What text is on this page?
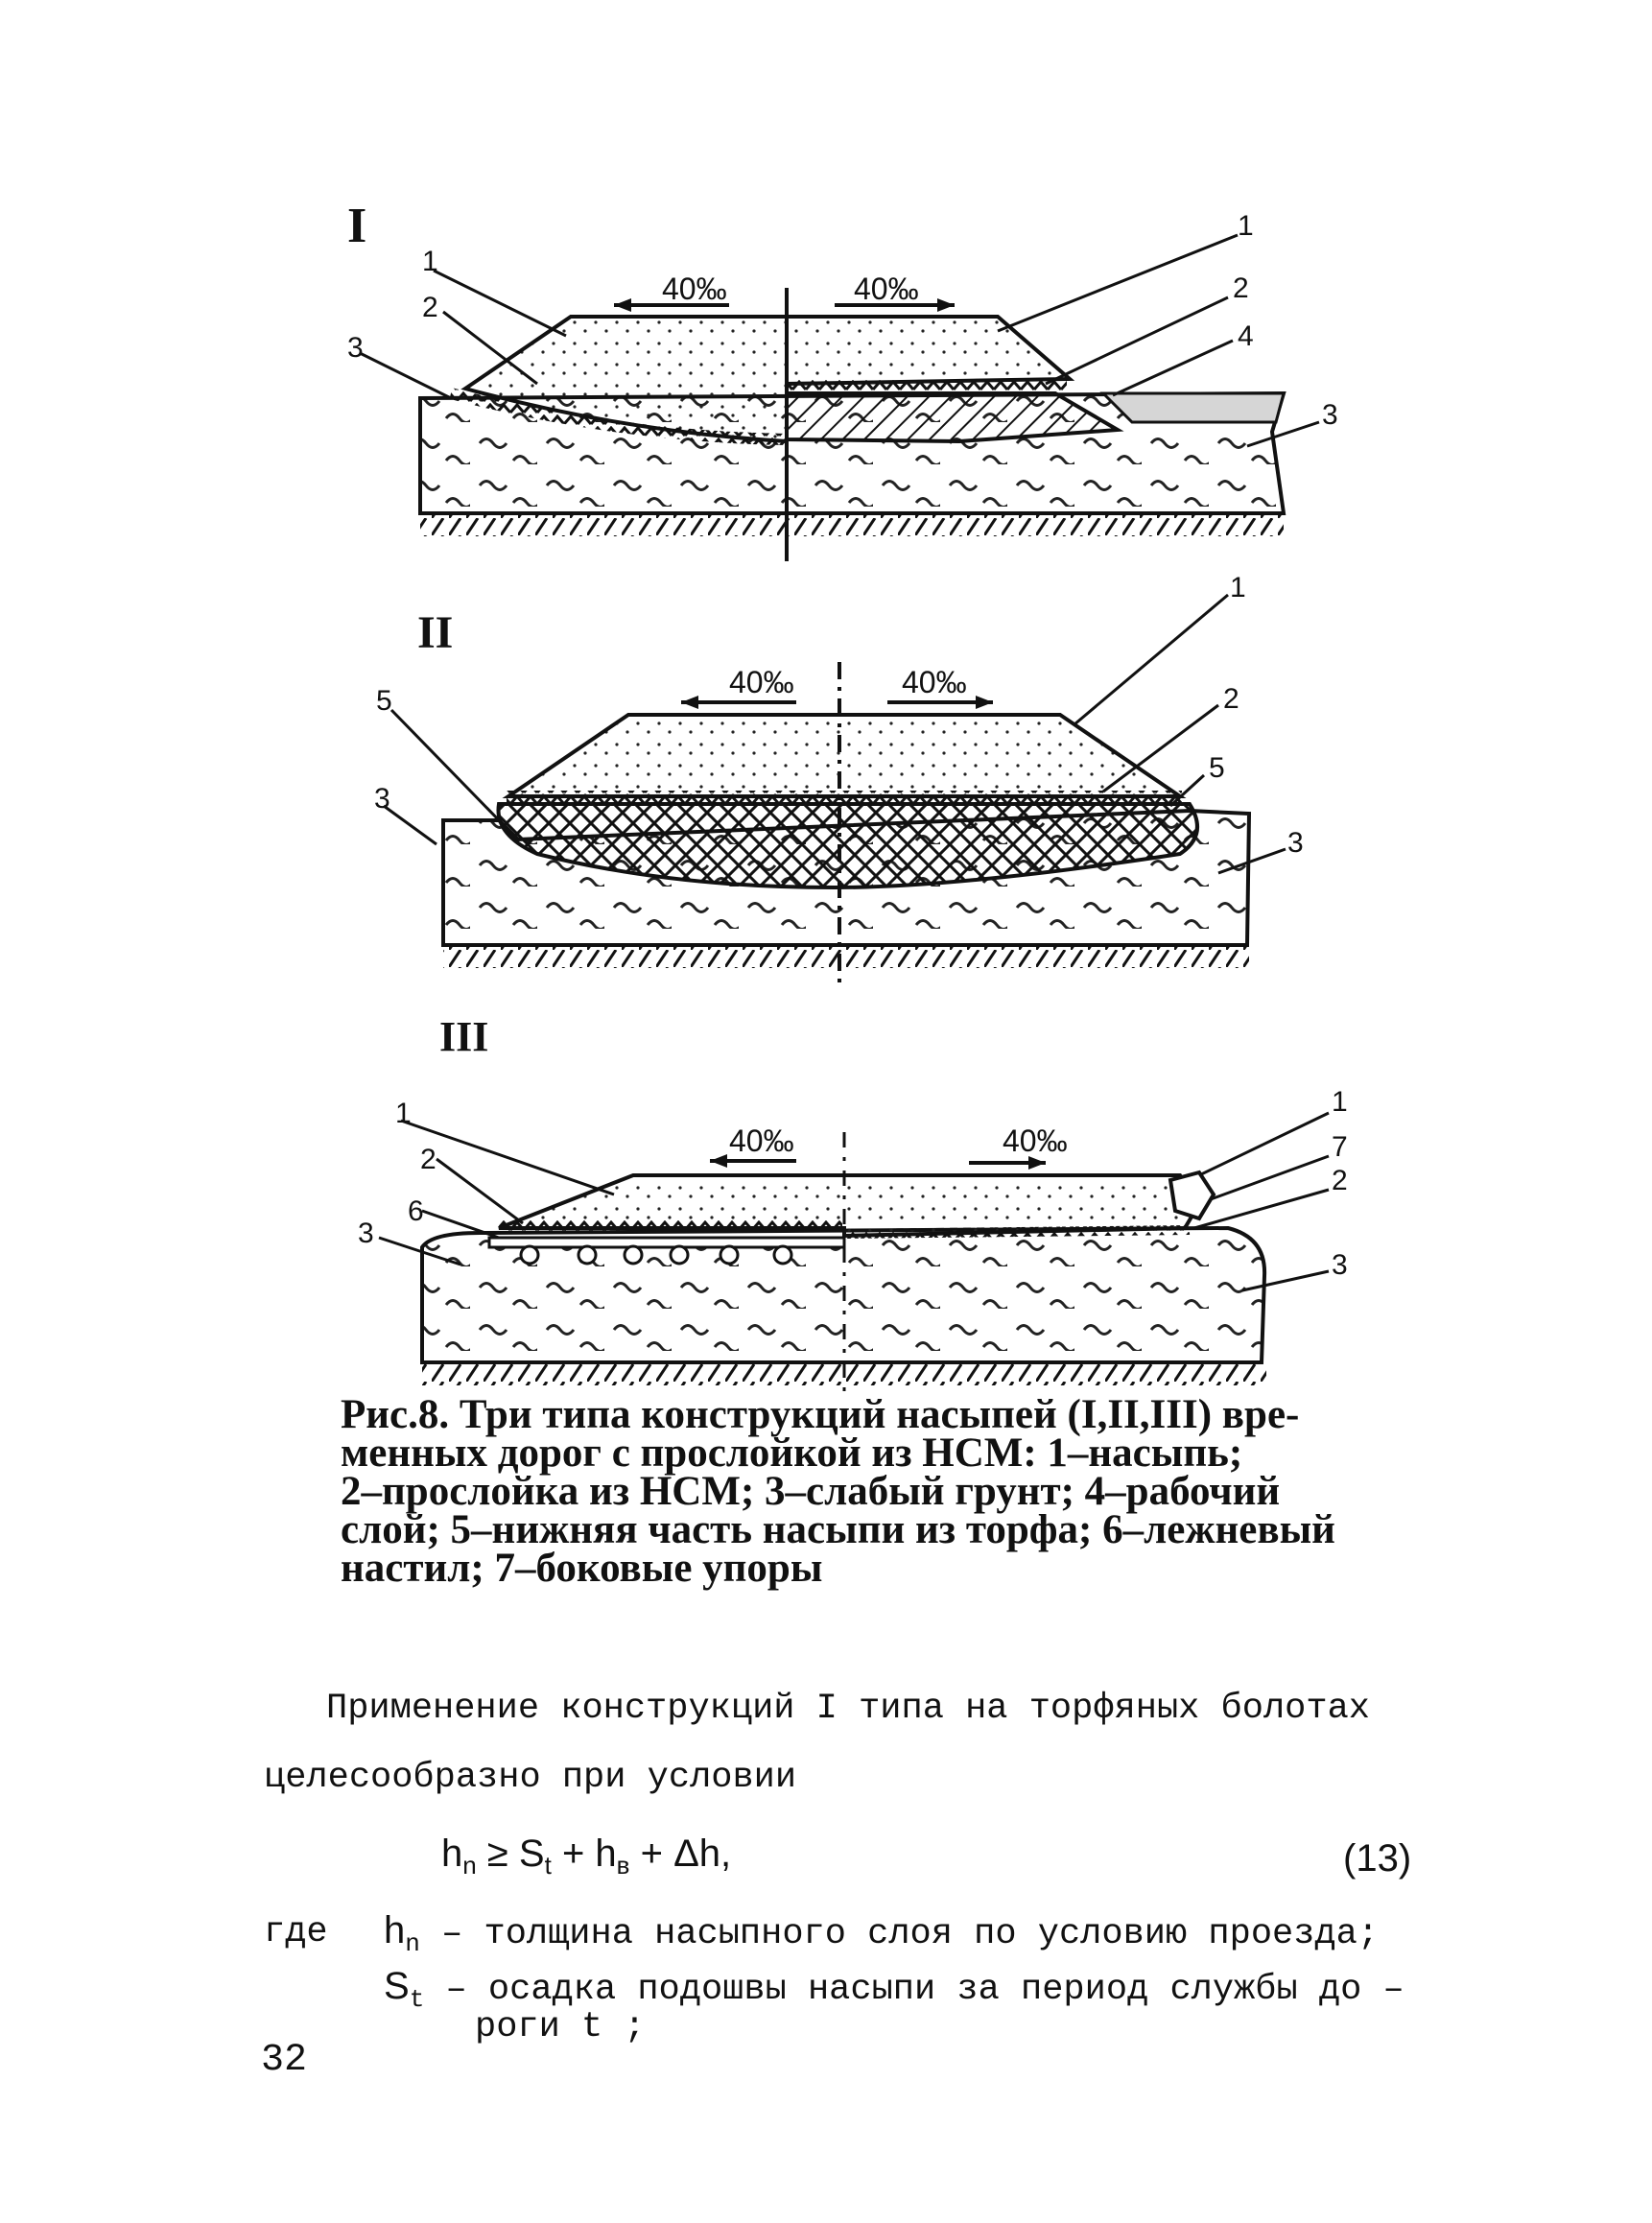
I
40‰	40‰
1
2
3
1
2
4
3
II
40‰	40‰
5
3
1
2
5
3
III
40‰	40‰
1
2
6
3
1
7
2
3
Рис.8. Три типа конструкций насыпей (I,II,III) вре-
менных дорог с прослойкой из НСМ: 1–насыпь;
2–прослойка из НСМ; 3–слабый грунт; 4–рабочий
слой; 5–нижняя часть насыпи из торфа; 6–лежневый
настил; 7–боковые упоры
Применение конструкций I типа на торфяных болотах
целесообразно при условии
$h_n \ge S_t + h_в + \Delta h$,	(13)
где $h_n$ – толщина насыпного слоя по условию проезда;
$S_t$ – осадка подошвы насыпи за период службы до –
роги t ;
32
